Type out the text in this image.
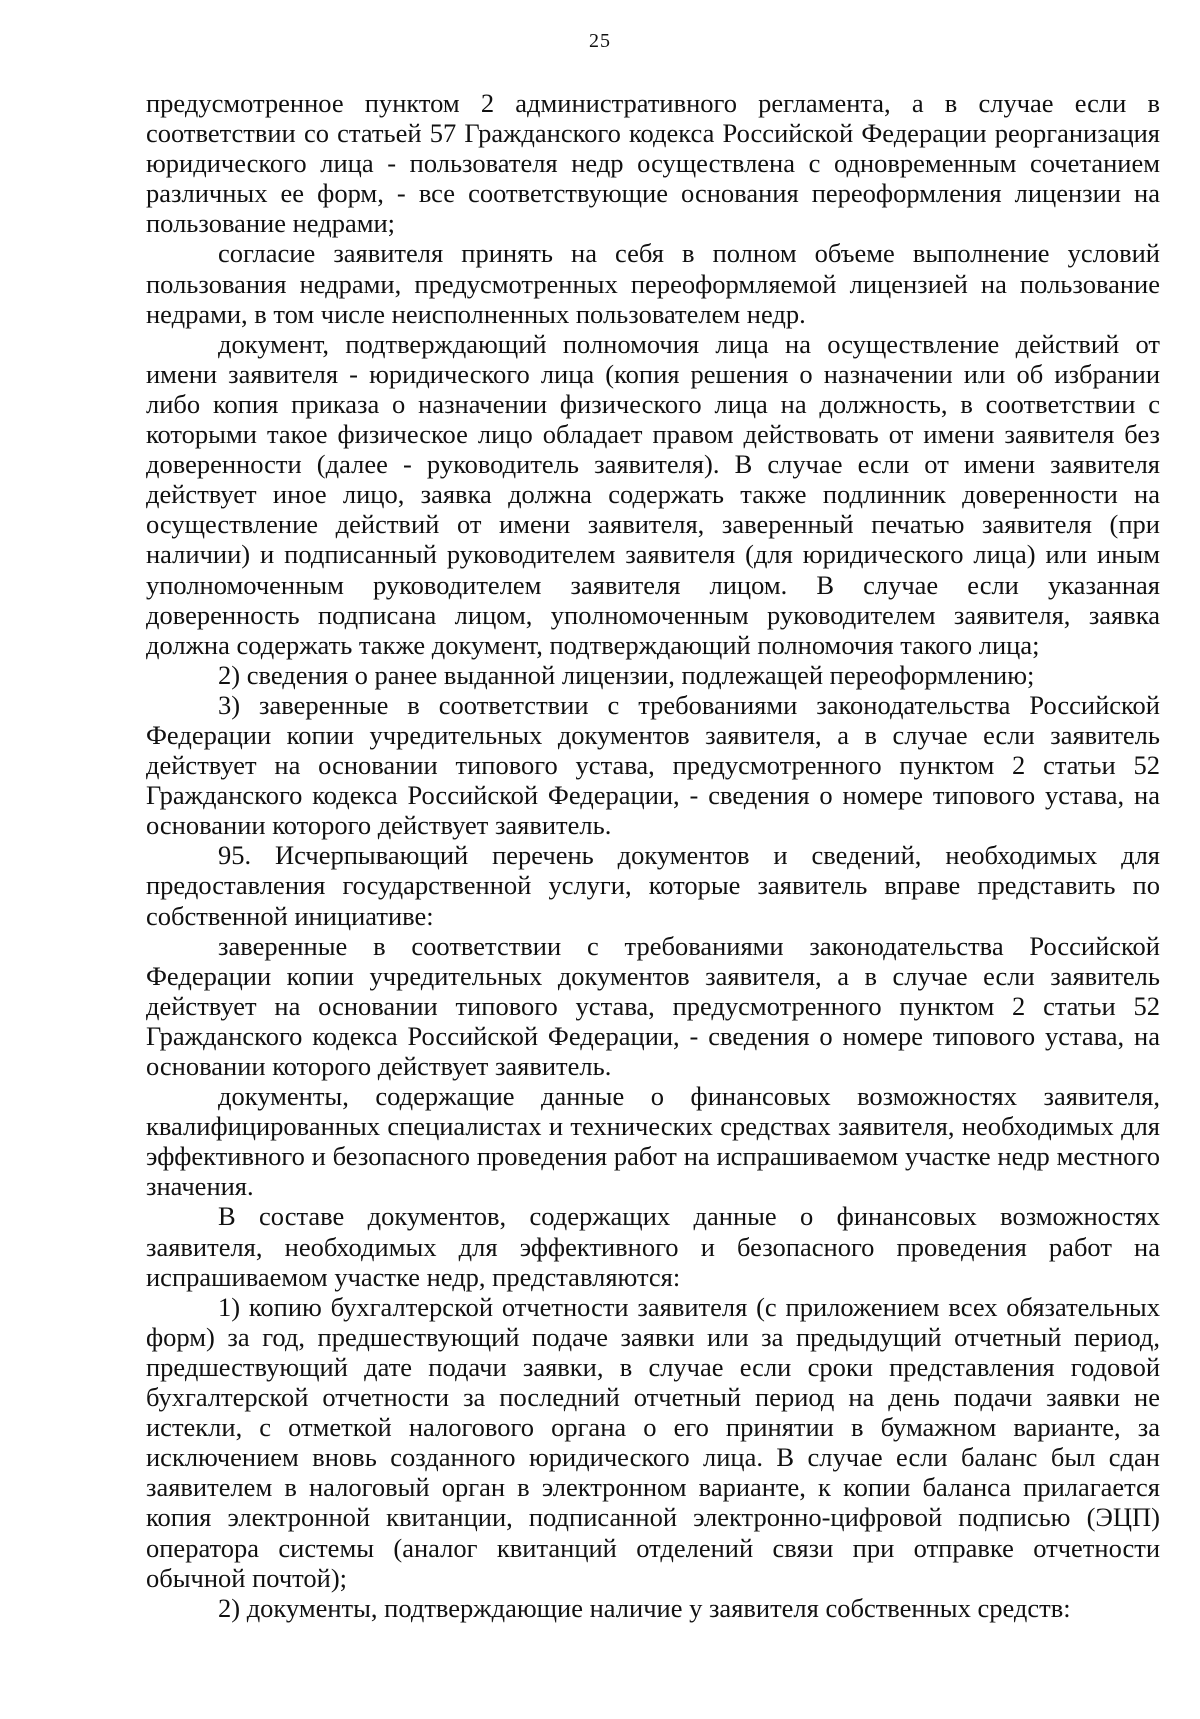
25

предусмотренное пунктом 2 административного регламента, а в случае если в соответствии со статьей 57 Гражданского кодекса Российской Федерации реорганизация юридического лица - пользователя недр осуществлена с одновременным сочетанием различных ее форм, - все соответствующие основания переоформления лицензии на пользование недрами;

согласие заявителя принять на себя в полном объеме выполнение условий пользования недрами, предусмотренных переоформляемой лицензией на пользование недрами, в том числе неисполненных пользователем недр.

документ, подтверждающий полномочия лица на осуществление действий от имени заявителя - юридического лица (копия решения о назначении или об избрании либо копия приказа о назначении физического лица на должность, в соответствии с которыми такое физическое лицо обладает правом действовать от имени заявителя без доверенности (далее - руководитель заявителя). В случае если от имени заявителя действует иное лицо, заявка должна содержать также подлинник доверенности на осуществление действий от имени заявителя, заверенный печатью заявителя (при наличии) и подписанный руководителем заявителя (для юридического лица) или иным уполномоченным руководителем заявителя лицом. В случае если указанная доверенность подписана лицом, уполномоченным руководителем заявителя, заявка должна содержать также документ, подтверждающий полномочия такого лица;

2) сведения о ранее выданной лицензии, подлежащей переоформлению;

3) заверенные в соответствии с требованиями законодательства Российской Федерации копии учредительных документов заявителя, а в случае если заявитель действует на основании типового устава, предусмотренного пунктом 2 статьи 52 Гражданского кодекса Российской Федерации, - сведения о номере типового устава, на основании которого действует заявитель.

95. Исчерпывающий перечень документов и сведений, необходимых для предоставления государственной услуги, которые заявитель вправе представить по собственной инициативе:

заверенные в соответствии с требованиями законодательства Российской Федерации копии учредительных документов заявителя, а в случае если заявитель действует на основании типового устава, предусмотренного пунктом 2 статьи 52 Гражданского кодекса Российской Федерации, - сведения о номере типового устава, на основании которого действует заявитель.

документы, содержащие данные о финансовых возможностях заявителя, квалифицированных специалистах и технических средствах заявителя, необходимых для эффективного и безопасного проведения работ на испрашиваемом участке недр местного значения.

В составе документов, содержащих данные о финансовых возможностях заявителя, необходимых для эффективного и безопасного проведения работ на испрашиваемом участке недр, представляются:

1) копию бухгалтерской отчетности заявителя (с приложением всех обязательных форм) за год, предшествующий подаче заявки или за предыдущий отчетный период, предшествующий дате подачи заявки, в случае если сроки представления годовой бухгалтерской отчетности за последний отчетный период на день подачи заявки не истекли, с отметкой налогового органа о его принятии в бумажном варианте, за исключением вновь созданного юридического лица. В случае если баланс был сдан заявителем в налоговый орган в электронном варианте, к копии баланса прилагается копия электронной квитанции, подписанной электронно-цифровой подписью (ЭЦП) оператора системы (аналог квитанций отделений связи при отправке отчетности обычной почтой);

2) документы, подтверждающие наличие у заявителя собственных средств:
